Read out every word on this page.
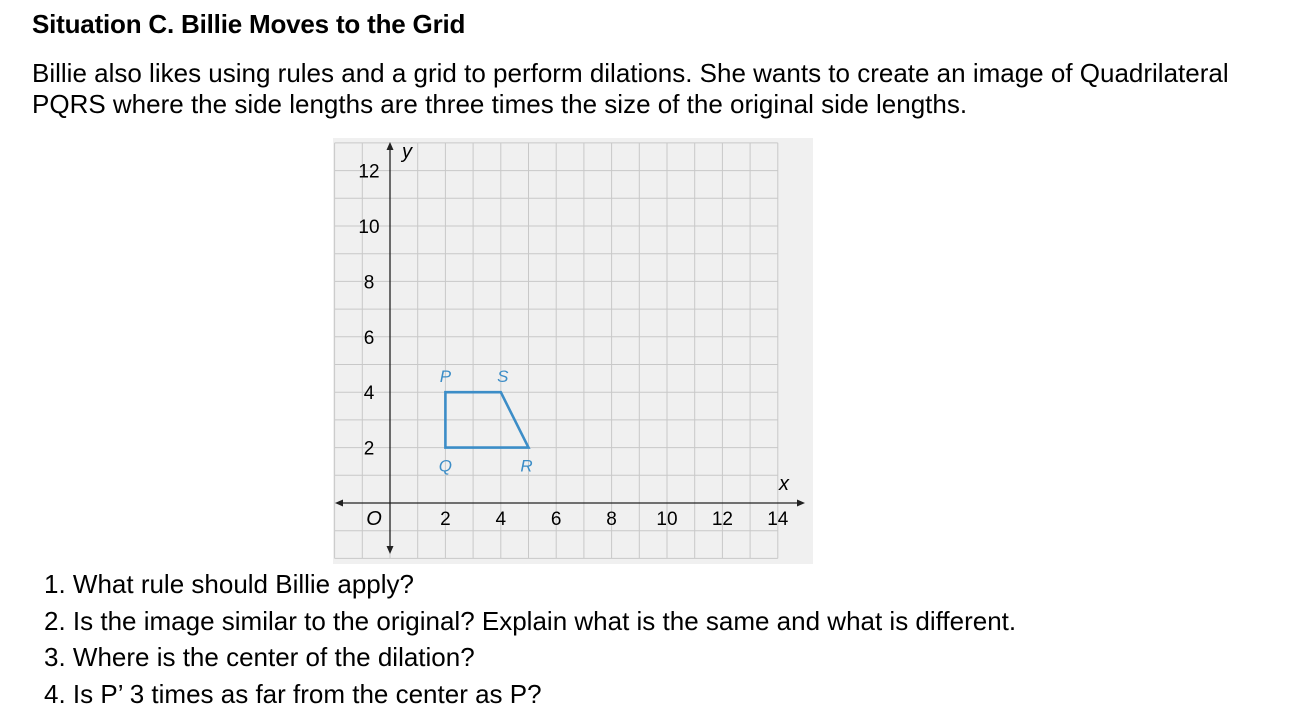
Situation C. Billie Moves to the Grid

Billie also likes using rules and a grid to perform dilations. She wants to create an image of Quadrilateral PQRS where the side lengths are three times the size of the original side lengths.

2 4 6 8 10 12 14
2
4
6
8
10
12
P	S
R
Q
x
y
O
1. What rule should Billie apply?
2. Is the image similar to the original? Explain what is the same and what is different.
3. Where is the center of the dilation?
4. Is P’ 3 times as far from the center as P?
